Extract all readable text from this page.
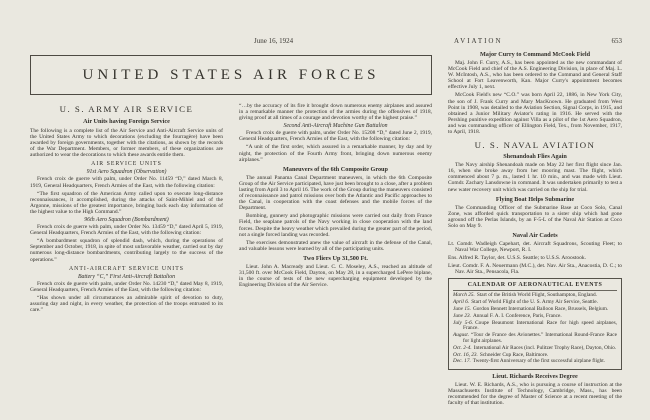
June 16, 1924	AVIATION	653
UNITED STATES AIR FORCES
U. S. ARMY AIR SERVICE
Air Units having Foreign Service

The following is a complete list of the Air Service and Anti-Aircraft Service units of the United States Army to which decorations (excluding the fourragère) have been awarded by foreign governments, together with the citations, as shown by the records of the War Department. Members, or former members, of these organizations are authorized to wear the decorations to which these awards entitle them.

AIR SERVICE UNITS
91st Aero Squadron (Observation)

French croix de guerre with palm, under Order No. 11459 “D,” dated March 8, 1919, General Headquarters, French Armies of the East, with the following citation:

“The first squadron of the American Army called upon to execute long-distance reconnaissances, it accomplished, during the attacks of Saint-Mihiel and of the Argonne, missions of the greatest importance, bringing back each day information of the highest value to the High Command.”

96th Aero Squadron (Bombardment)

French croix de guerre with palm, under Order No. 13459 “D,” dated April 5, 1919, General Headquarters, French Armies of the East, with the following citation:

“A bombardment squadron of splendid dash, which, during the operations of September and October, 1918, in spite of most unfavorable weather, carried out by day numerous long-distance bombardments, contributing largely to the success of the operations.”

ANTI-AIRCRAFT SERVICE UNITS
Battery “C,” First Anti-Aircraft Battalion

French croix de guerre with palm, under Order No. 14230 “D,” dated May 8, 1919, General Headquarters, French Armies of the East, with the following citation:

“Has shown under all circumstances an admirable spirit of devotion to duty, assuring day and night, in every weather, the protection of the troops entrusted to its care.”

“…by the accuracy of its fire it brought down numerous enemy airplanes and assured in a remarkable manner the protection of the armies during the offensives of 1918, giving proof at all times of a courage and devotion worthy of the highest praise.”

Second Anti-Aircraft Machine Gun Battalion

French croix de guerre with palm, under Order No. 15208 “D,” dated June 2, 1919, General Headquarters, French Armies of the East, with the following citation:

“A unit of the first order, which assured in a remarkable manner, by day and by night, the protection of the Fourth Army front, bringing down numerous enemy airplanes.”

Maneuvers of the 6th Composite Group

The annual Panama Canal Department maneuvers, in which the 6th Composite Group of the Air Service participated, have just been brought to a close, after a problem lasting from April 3 to April 16. The work of the Group during the maneuvers consisted of reconnaissance and patrol missions over both the Atlantic and Pacific approaches to the Canal, in cooperation with the coast defenses and the mobile forces of the Department.

Bombing, gunnery and photographic missions were carried out daily from France Field, the seaplane patrols of the Navy working in close cooperation with the land forces. Despite the heavy weather which prevailed during the greater part of the period, not a single forced landing was recorded.

The exercises demonstrated anew the value of aircraft in the defense of the Canal, and valuable lessons were learned by all of the participating units.

Two Fliers Up 31,500 Ft.

Lieut. John A. Macready and Lieut. C. C. Moseley, A.S., reached an altitude of 31,500 ft. over McCook Field, Dayton, on May 28, in a supercharged LePere biplane, in the course of tests of the new supercharging equipment developed by the Engineering Division of the Air Service.

Major Curry to Command McCook Field

Maj. John F. Curry, A.S., has been appointed as the new commandant of McCook Field and chief of the A.S. Engineering Division, in place of Maj. L. W. McIntosh, A.S., who has been ordered to the Command and General Staff School at Fort Leavenworth, Kan. Major Curry's appointment becomes effective July 1, next.

McCook Field's new “C.O.” was born April 22, 1886, in New York City, the son of J. Frank Curry and Mary MacKnown. He graduated from West Point in 1908, was detailed to the Aviation Section, Signal Corps, in 1915, and obtained a Junior Military Aviator's rating in 1916. He served with the Pershing punitive expedition against Villa as a pilot of the 1st Aero Squadron, and was commanding officer of Ellington Field, Tex., from November, 1917, to April, 1918.

U. S. NAVAL AVIATION
Shenandoah Flies Again

The Navy airship Shenandoah made on May 22 her first flight since Jan. 16, when she broke away from her mooring mast. The flight, which commenced about 7 p. m., lasted 1 hr. 10 min., and was made with Lieut. Comdr. Zachary Lansdowne in command. It was undertaken primarily to test a new water recovery unit which was carried on the ship for trial.

Flying Boat Helps Submarine

The Commanding Officer of the Submarine Base at Coco Solo, Canal Zone, was afforded quick transportation to a sister ship which had gone aground off the Perlas Islands, by an F-5-L of the Naval Air Station at Coco Solo on May 9.

Naval Air Cadets

Lt. Comdr. Wadleigh Capehart, det. Aircraft Squadrons, Scouting Fleet; to Naval War College, Newport, R. I.

Ens. Alfred R. Taylor, det. U.S.S. Seattle; to U.S.S. Aroostook.

Lieut. Comdr. F. A. Neuermann (M.C.), det. Nav. Air Sta., Anacostia, D. C.; to Nav. Air Sta., Pensacola, Fla.

CALENDAR OF AERONAUTICAL EVENTS
March 25. Start of the British World Flight, Southampton, England.
April 6. Start of World Flight of the U. S. Army Air Service, Seattle.
June 15. Gordon Bennett International Balloon Race, Brussels, Belgium.
June 23. Annual F. A. I. Conference, Paris, France.
July 5-6. Coupe Beaumont International Race for high speed airplanes, France.
August. “Tour de France des Avionettes.” International Round-France Race for light airplanes.
Oct. 2-4. International Air Races (incl. Pulitzer Trophy Race), Dayton, Ohio.
Oct. 16, 23. Schneider Cup Race, Baltimore.
Dec. 17. Twenty-first Anniversary of the first successful airplane flight.
Lieut. Richards Receives Degree

Lieut. W. E. Richards, A.S., who is pursuing a course of instruction at the Massachusetts Institute of Technology, Cambridge, Mass., has been recommended for the degree of Master of Science at a recent meeting of the faculty of that institution.
